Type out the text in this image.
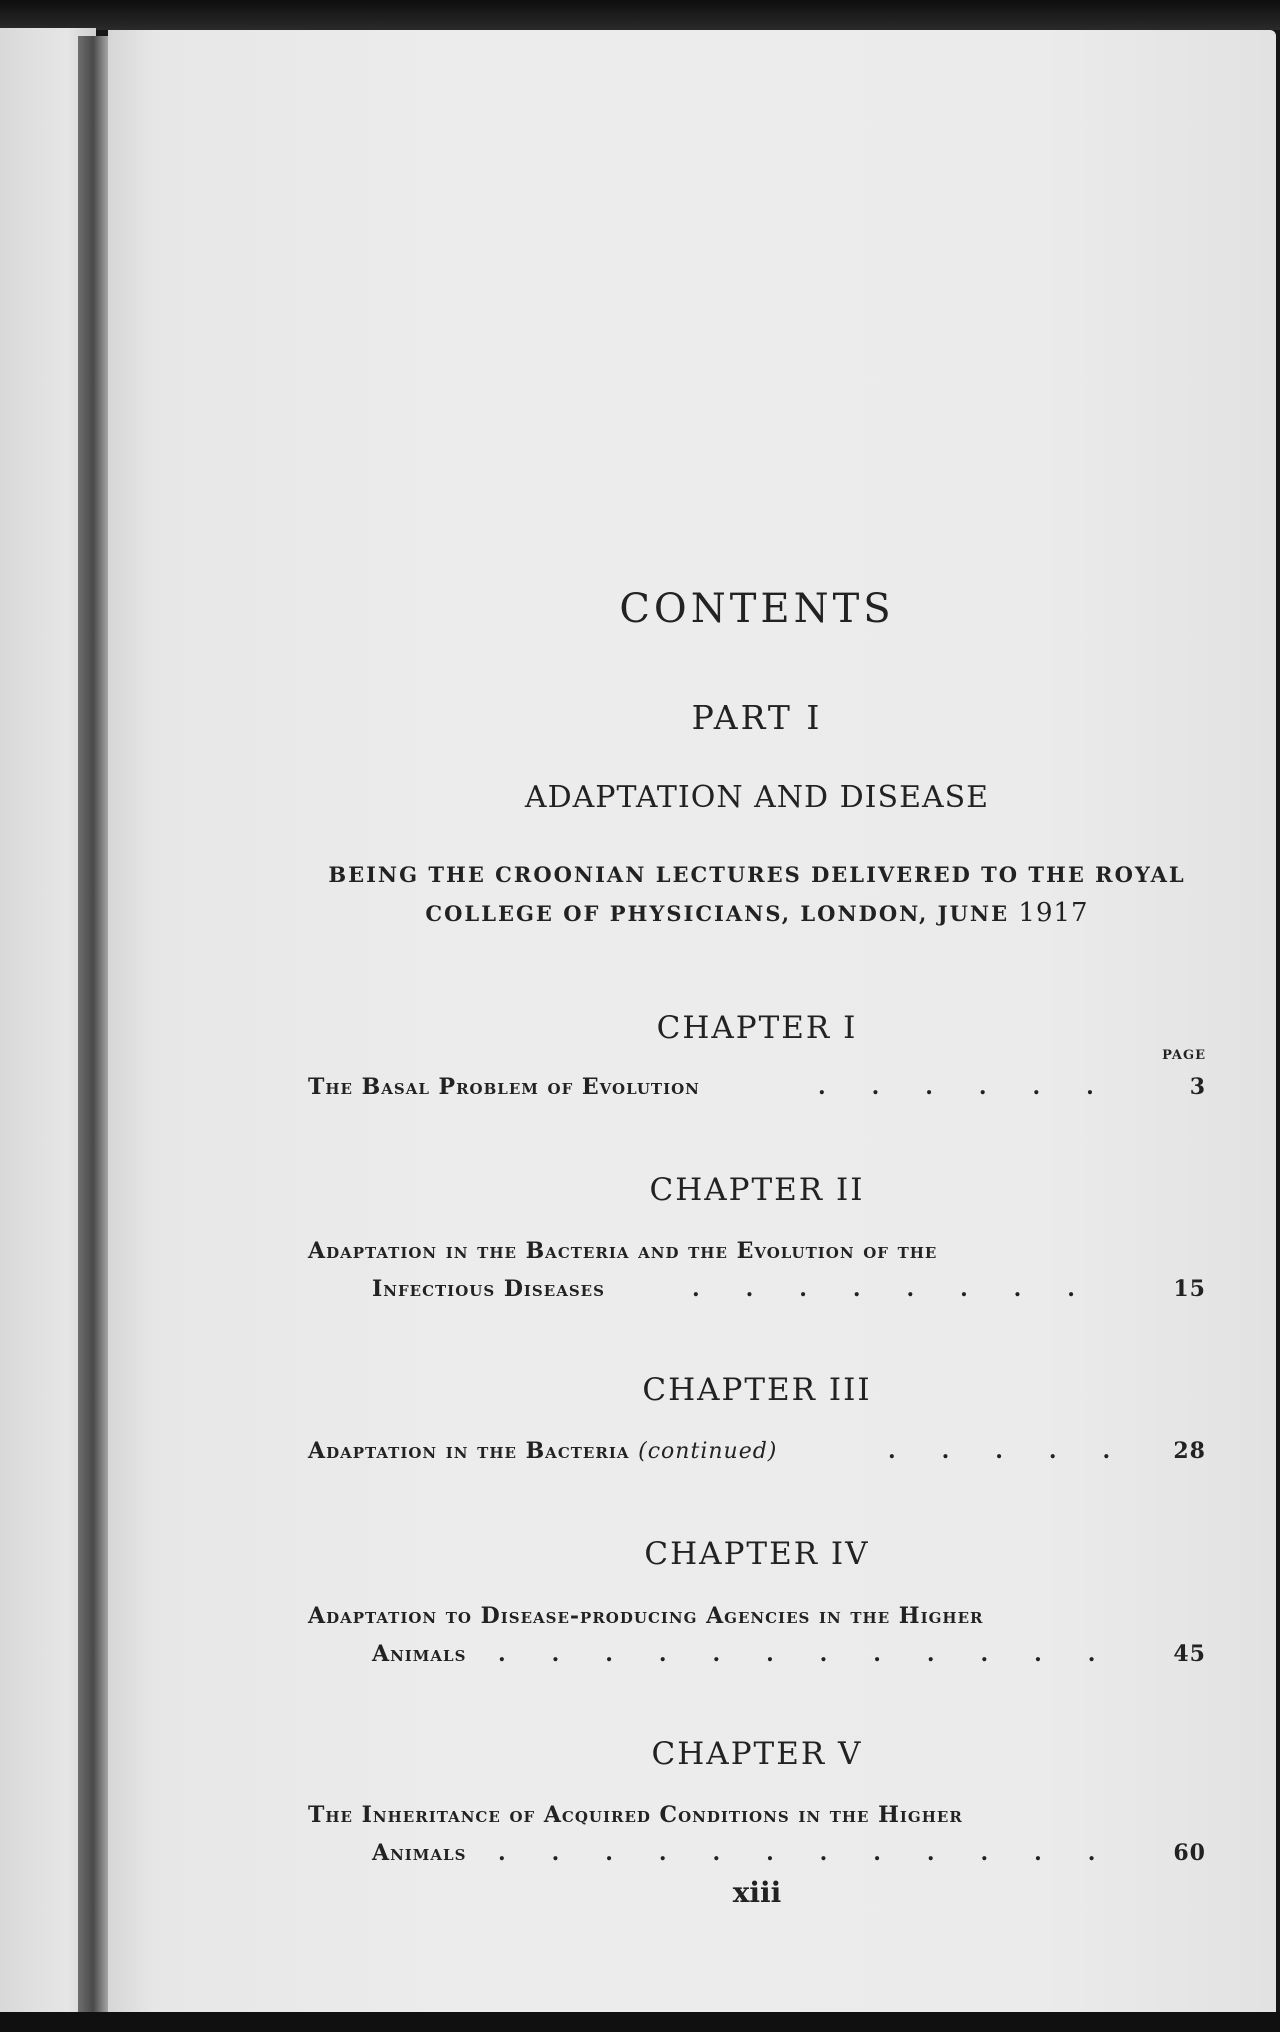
CONTENTS
PART I
ADAPTATION AND DISEASE
BEING THE CROONIAN LECTURES DELIVERED TO THE ROYAL
COLLEGE OF PHYSICIANS, LONDON, JUNE 1917
CHAPTER I
PAGE
The Basal Problem of Evolution	.      .      .      .      .      .	3
CHAPTER II
Adaptation in the Bacteria and the Evolution of the
Infectious Diseases	.      .      .      .      .      .      .      .	15
CHAPTER III
Adaptation in the Bacteria (continued)	.      .      .      .      .	28
CHAPTER IV
Adaptation to Disease-producing Agencies in the Higher
Animals .      .      .      .      .      .      .      .      .      .      .      .	45
CHAPTER V
The Inheritance of Acquired Conditions in the Higher
Animals .      .      .      .      .      .      .      .      .      .      .      .	60
xiii
